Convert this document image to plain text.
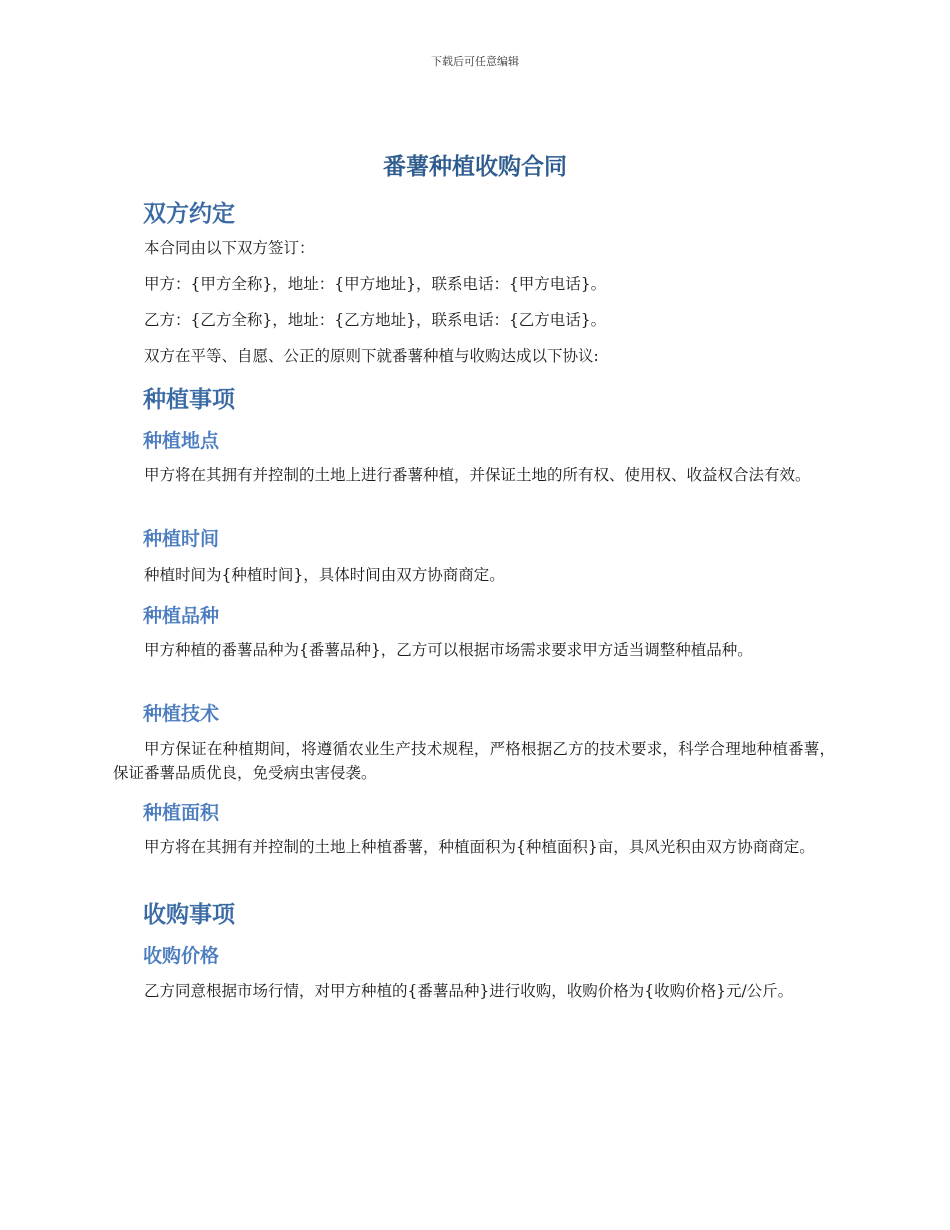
下载后可任意编辑
番薯种植收购合同
双方约定

本合同由以下双方签订：

甲方：{甲方全称}，地址：{甲方地址}，联系电话：{甲方电话}。

乙方：{乙方全称}，地址：{乙方地址}，联系电话：{乙方电话}。

双方在平等、自愿、公正的原则下就番薯种植与收购达成以下协议:

种植事项
种植地点

甲方将在其拥有并控制的土地上进行番薯种植，并保证土地的所有权、使用权、收益权合法有效。

种植时间

种植时间为{种植时间}，具体时间由双方协商商定。

种植品种

甲方种植的番薯品种为{番薯品种}，乙方可以根据市场需求要求甲方适当调整种植品种。

种植技术

甲方保证在种植期间，将遵循农业生产技术规程，严格根据乙方的技术要求，科学合理地种植番薯，保证番薯品质优良，免受病虫害侵袭。

种植面积

甲方将在其拥有并控制的土地上种植番薯，种植面积为{种植面积}亩，具风光积由双方协商商定。

收购事项
收购价格

乙方同意根据市场行情，对甲方种植的{番薯品种}进行收购，收购价格为{收购价格}元/公斤。
